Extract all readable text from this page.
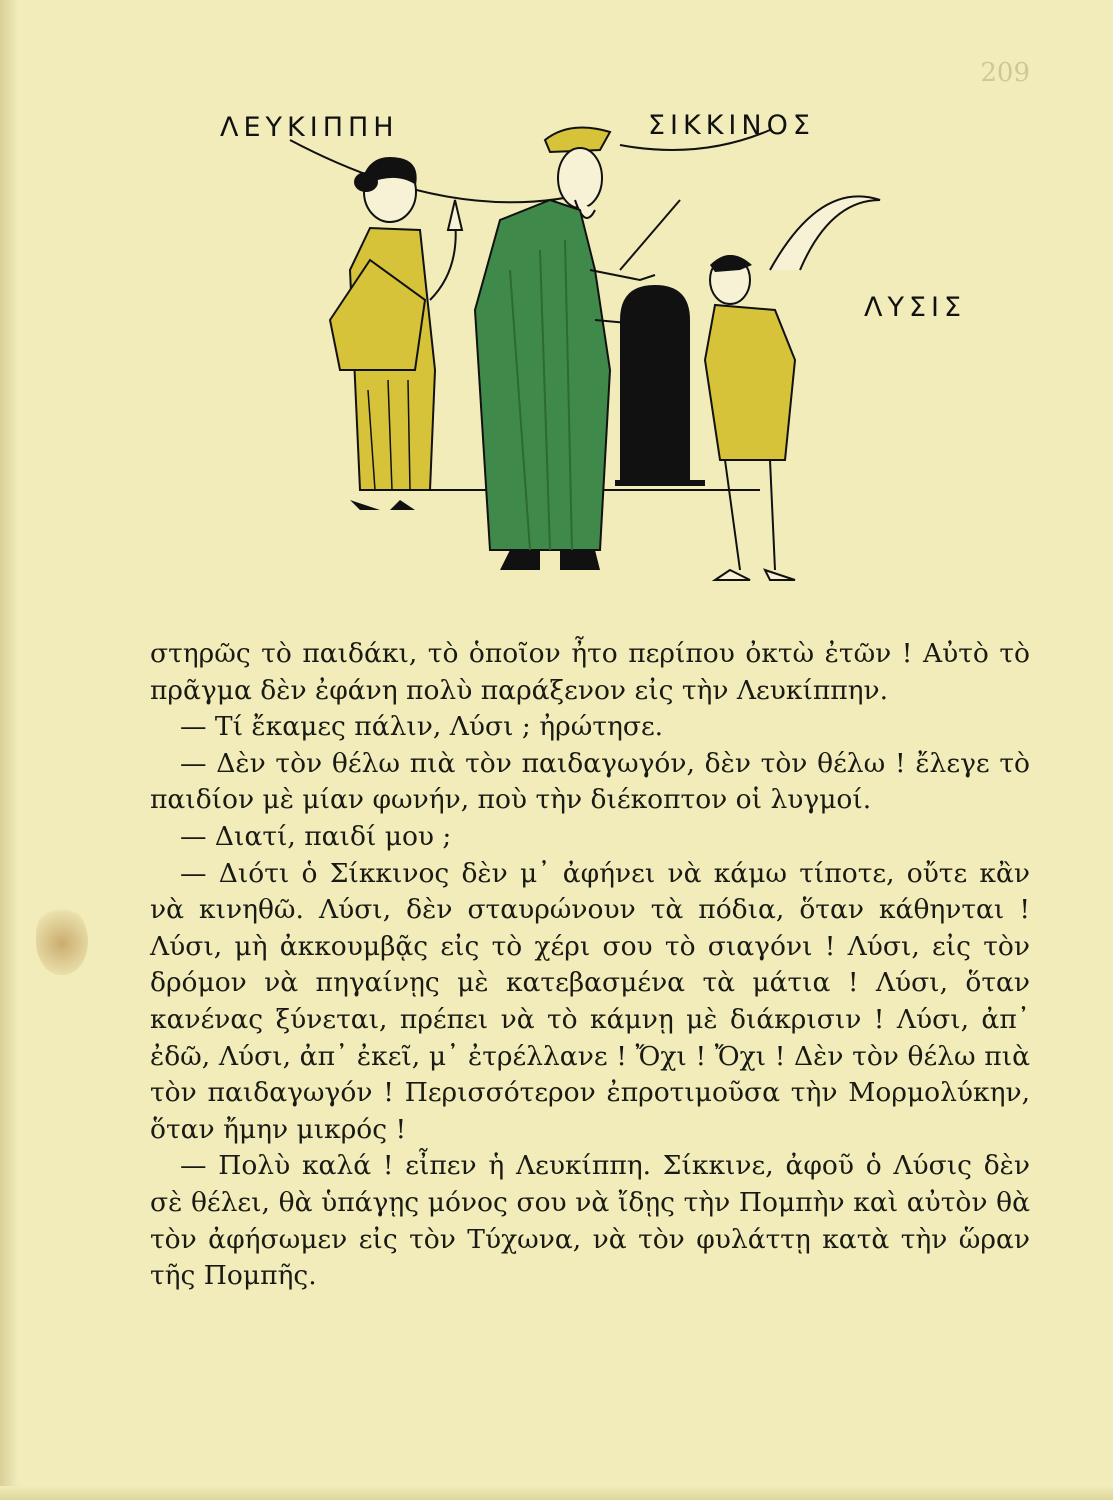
209
ΛΕΥΚΙΠΠΗ	ΣΙΚΚΙΝΟΣ
ΛΥΣΙΣ

στηρῶς τὸ παιδάκι, τὸ ὁποῖον ἦτο περίπου ὀκτὼ ἐτῶν ! Αὐτὸ τὸ πρᾶγμα δὲν ἐφάνη πολὺ παράξενον εἰς τὴν Λευκίππην.

— Τί ἔκαμες πάλιν, Λύσι ; ἠρώτησε.

— Δὲν τὸν θέλω πιὰ τὸν παιδαγωγόν, δὲν τὸν θέλω ! ἔλεγε τὸ παιδίον μὲ μίαν φωνήν, ποὺ τὴν διέκοπτον οἱ λυγμοί.

— Διατί, παιδί μου ;

— Διότι ὁ Σίκκινος δὲν μ᾽ ἀφήνει νὰ κάμω τίποτε, οὔτε κἂν νὰ κινηθῶ. Λύσι, δὲν σταυρώνουν τὰ πόδια, ὅταν κάθηνται ! Λύσι, μὴ ἀκκουμβᾷς εἰς τὸ χέρι σου τὸ σιαγόνι ! Λύσι, εἰς τὸν δρόμον νὰ πηγαίνῃς μὲ κατεβασμένα τὰ μάτια ! Λύσι, ὅταν κανένας ξύνεται, πρέπει νὰ τὸ κάμνῃ μὲ διάκρισιν ! Λύσι, ἀπ᾽ ἐδῶ, Λύσι, ἀπ᾽ ἐκεῖ, μ᾽ ἐτρέλλανε ! Ὄχι ! Ὄχι ! Δὲν τὸν θέλω πιὰ τὸν παιδαγωγόν ! Περισσότερον ἐπροτιμοῦσα τὴν Μορμολύκην, ὅταν ἤμην μικρός !

— Πολὺ καλά ! εἶπεν ἡ Λευκίππη. Σίκκινε, ἀφοῦ ὁ Λύσις δὲν σὲ θέλει, θὰ ὑπάγῃς μόνος σου νὰ ἴδῃς τὴν Πομπὴν καὶ αὐτὸν θὰ τὸν ἀφήσωμεν εἰς τὸν Τύχωνα, νὰ τὸν φυλάττῃ κατὰ τὴν ὥραν τῆς Πομπῆς.
